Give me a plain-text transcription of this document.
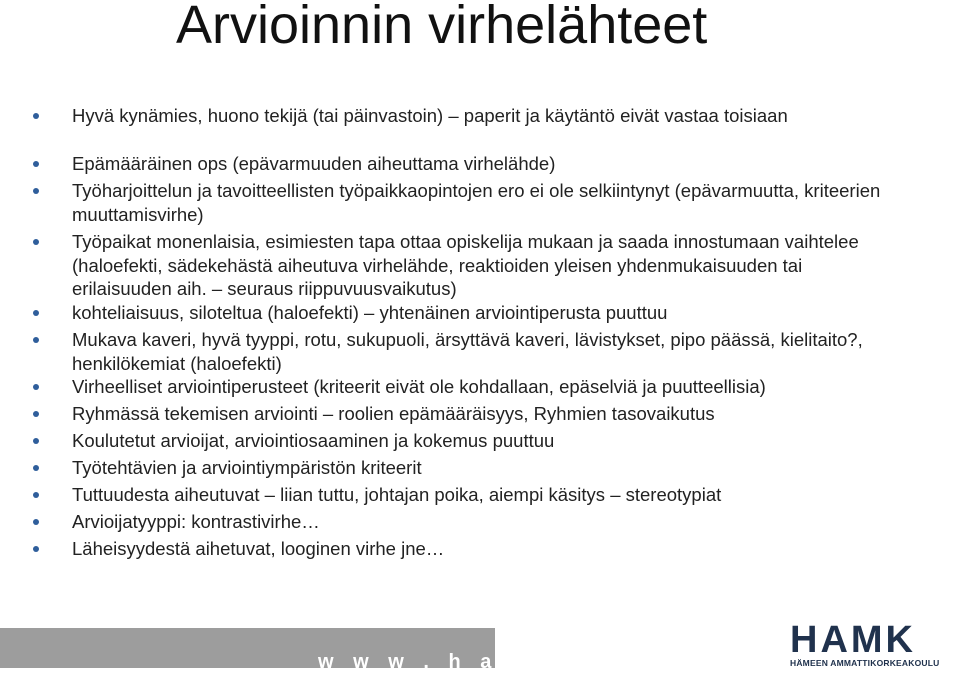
Arvioinnin virhelähteet
Hyvä kynämies, huono tekijä (tai päinvastoin) – paperit ja käytäntö eivät vastaa toisiaan
Epämääräinen ops (epävarmuuden aiheuttama virhelähde)
Työharjoittelun ja tavoitteellisten työpaikkaopintojen ero ei ole selkiintynyt (epävarmuutta, kriteerien muuttamisvirhe)
Työpaikat monenlaisia, esimiesten tapa ottaa opiskelija mukaan ja saada innostumaan vaihtelee (haloefekti, sädekehästä aiheutuva virhelähde, reaktioiden yleisen yhdenmukaisuuden tai erilaisuuden aih. – seuraus riippuvuusvaikutus)
kohteliaisuus, siloteltua (haloefekti) – yhtenäinen arviointiperusta puuttuu
Mukava kaveri, hyvä tyyppi, rotu, sukupuoli, ärsyttävä kaveri, lävistykset, pipo päässä, kielitaito?, henkilökemiat (haloefekti)
Virheelliset arviointiperusteet (kriteerit eivät ole kohdallaan, epäselviä ja puutteellisia)
Ryhmässä tekemisen arviointi – roolien epämääräisyys, Ryhmien tasovaikutus
Koulutetut arvioijat, arviointiosaaminen ja kokemus puuttuu
Työtehtävien ja arviointiympäristön kriteerit
Tuttuudesta aiheutuvat – liian tuttu, johtajan poika, aiempi käsitys – stereotypiat
Arvioijatyyppi: kontrastivirhe…
Läheisyydestä aihetuvat, looginen virhe jne…
w w w . h a m k . f i
HAMK
HÄMEEN AMMATTIKORKEAKOULU
